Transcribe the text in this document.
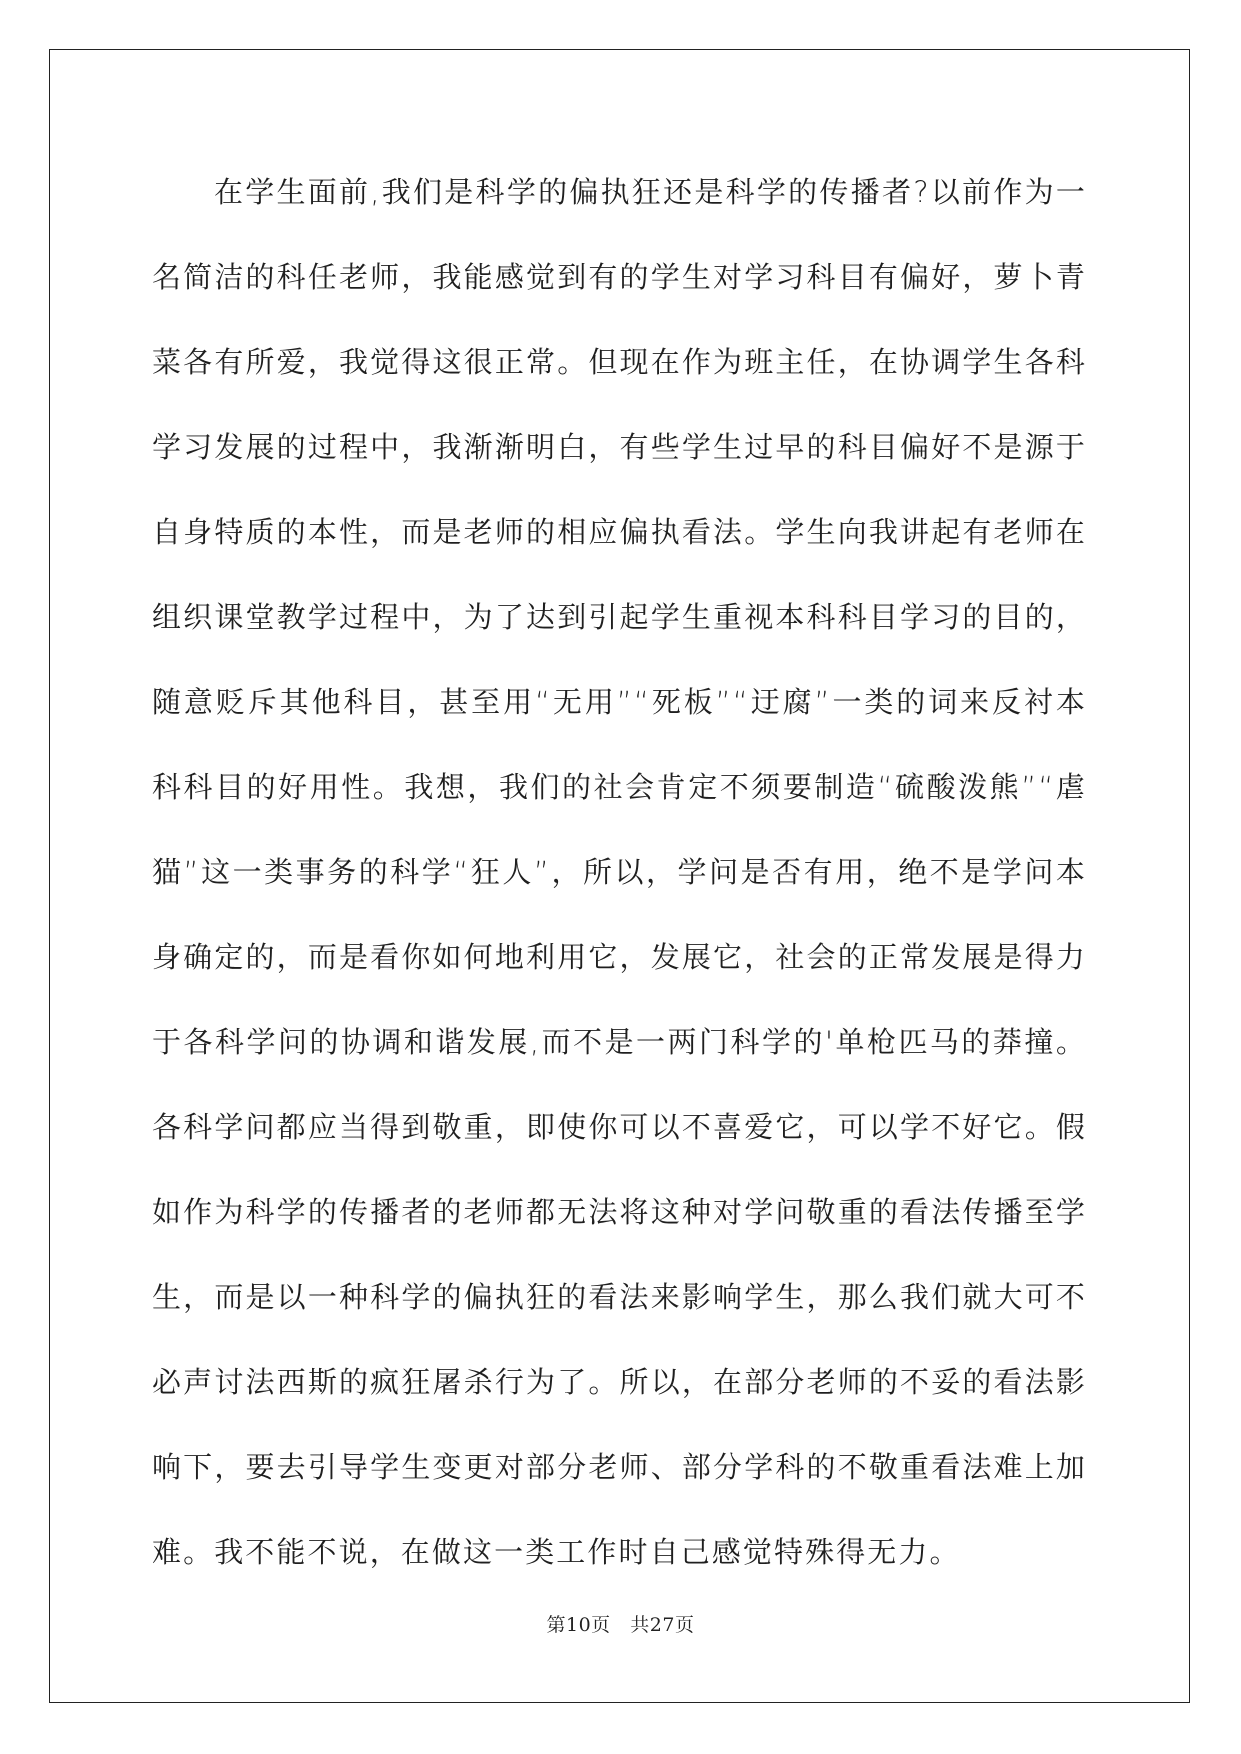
在学生面前,我们是科学的偏执狂还是科学的传播者?以前作为一名简洁的科任老师，我能感觉到有的学生对学习科目有偏好，萝卜青菜各有所爱，我觉得这很正常。但现在作为班主任，在协调学生各科学习发展的过程中，我渐渐明白，有些学生过早的科目偏好不是源于自身特质的本性，而是老师的相应偏执看法。学生向我讲起有老师在组织课堂教学过程中，为了达到引起学生重视本科科目学习的目的，随意贬斥其他科目，甚至用“无用”“死板”“迂腐”一类的词来反衬本科科目的好用性。我想，我们的社会肯定不须要制造“硫酸泼熊”“虐猫”这一类事务的科学“狂人”，所以，学问是否有用，绝不是学问本身确定的，而是看你如何地利用它，发展它，社会的正常发展是得力于各科学问的协调和谐发展,而不是一两门科学的'单枪匹马的莽撞。各科学问都应当得到敬重，即使你可以不喜爱它，可以学不好它。假如作为科学的传播者的老师都无法将这种对学问敬重的看法传播至学生，而是以一种科学的偏执狂的看法来影响学生，那么我们就大可不必声讨法西斯的疯狂屠杀行为了。所以，在部分老师的不妥的看法影响下，要去引导学生变更对部分老师、部分学科的不敬重看法难上加难。我不能不说，在做这一类工作时自己感觉特殊得无力。

第10页   共27页
